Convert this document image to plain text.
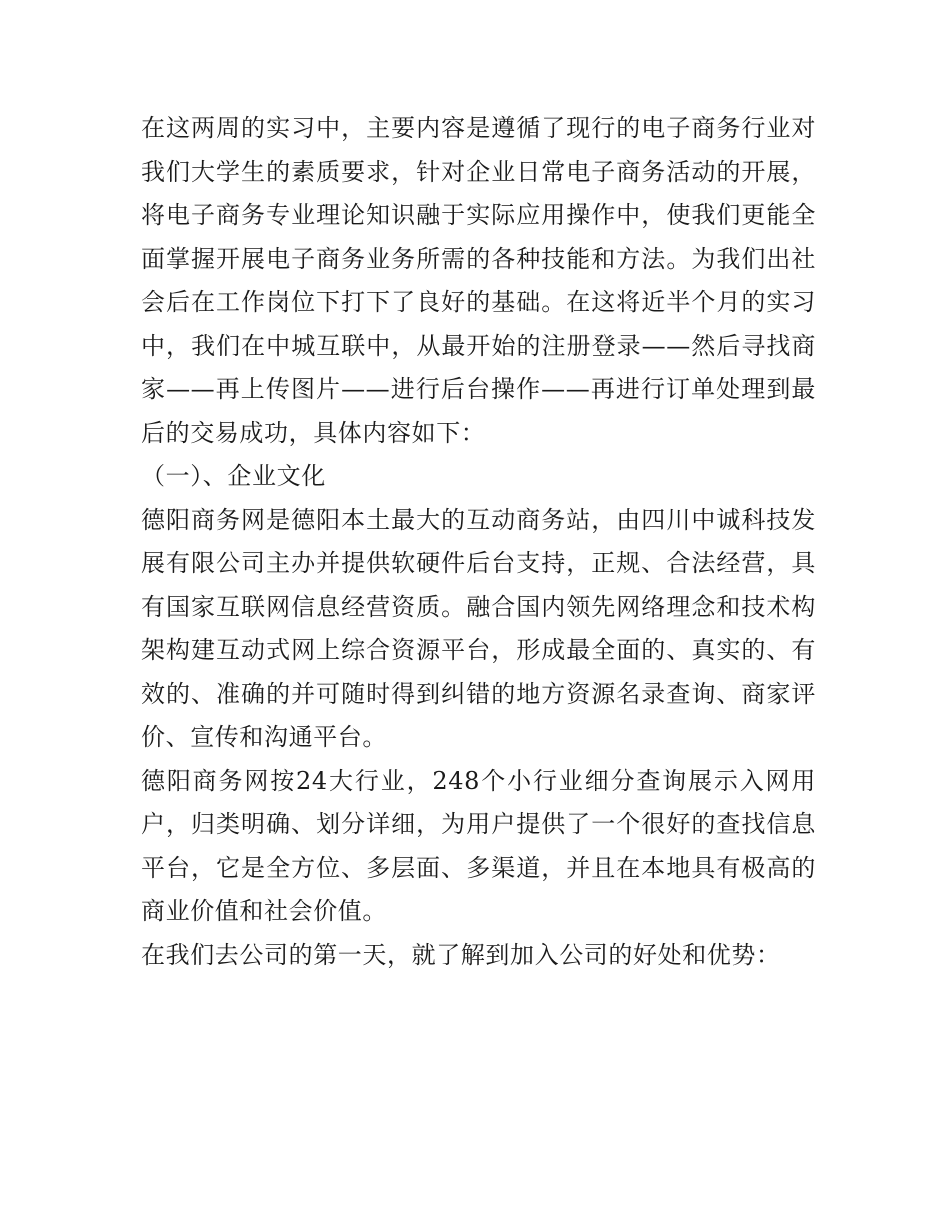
在这两周的实习中，主要内容是遵循了现行的电子商务行业对我们大学生的素质要求，针对企业日常电子商务活动的开展，将电子商务专业理论知识融于实际应用操作中，使我们更能全面掌握开展电子商务业务所需的各种技能和方法。为我们出社会后在工作岗位下打下了良好的基础。在这将近半个月的实习中，我们在中城互联中，从最开始的注册登录——然后寻找商家——再上传图片——进行后台操作——再进行订单处理到最后的交易成功，具体内容如下：

（一）、企业文化

德阳商务网是德阳本土最大的互动商务站，由四川中诚科技发展有限公司主办并提供软硬件后台支持，正规、合法经营，具有国家互联网信息经营资质。融合国内领先网络理念和技术构架构建互动式网上综合资源平台，形成最全面的、真实的、有效的、准确的并可随时得到纠错的地方资源名录查询、商家评价、宣传和沟通平台。

德阳商务网按24大行业，248个小行业细分查询展示入网用户，归类明确、划分详细，为用户提供了一个很好的查找信息平台，它是全方位、多层面、多渠道，并且在本地具有极高的商业价值和社会价值。

在我们去公司的第一天，就了解到加入公司的好处和优势：
